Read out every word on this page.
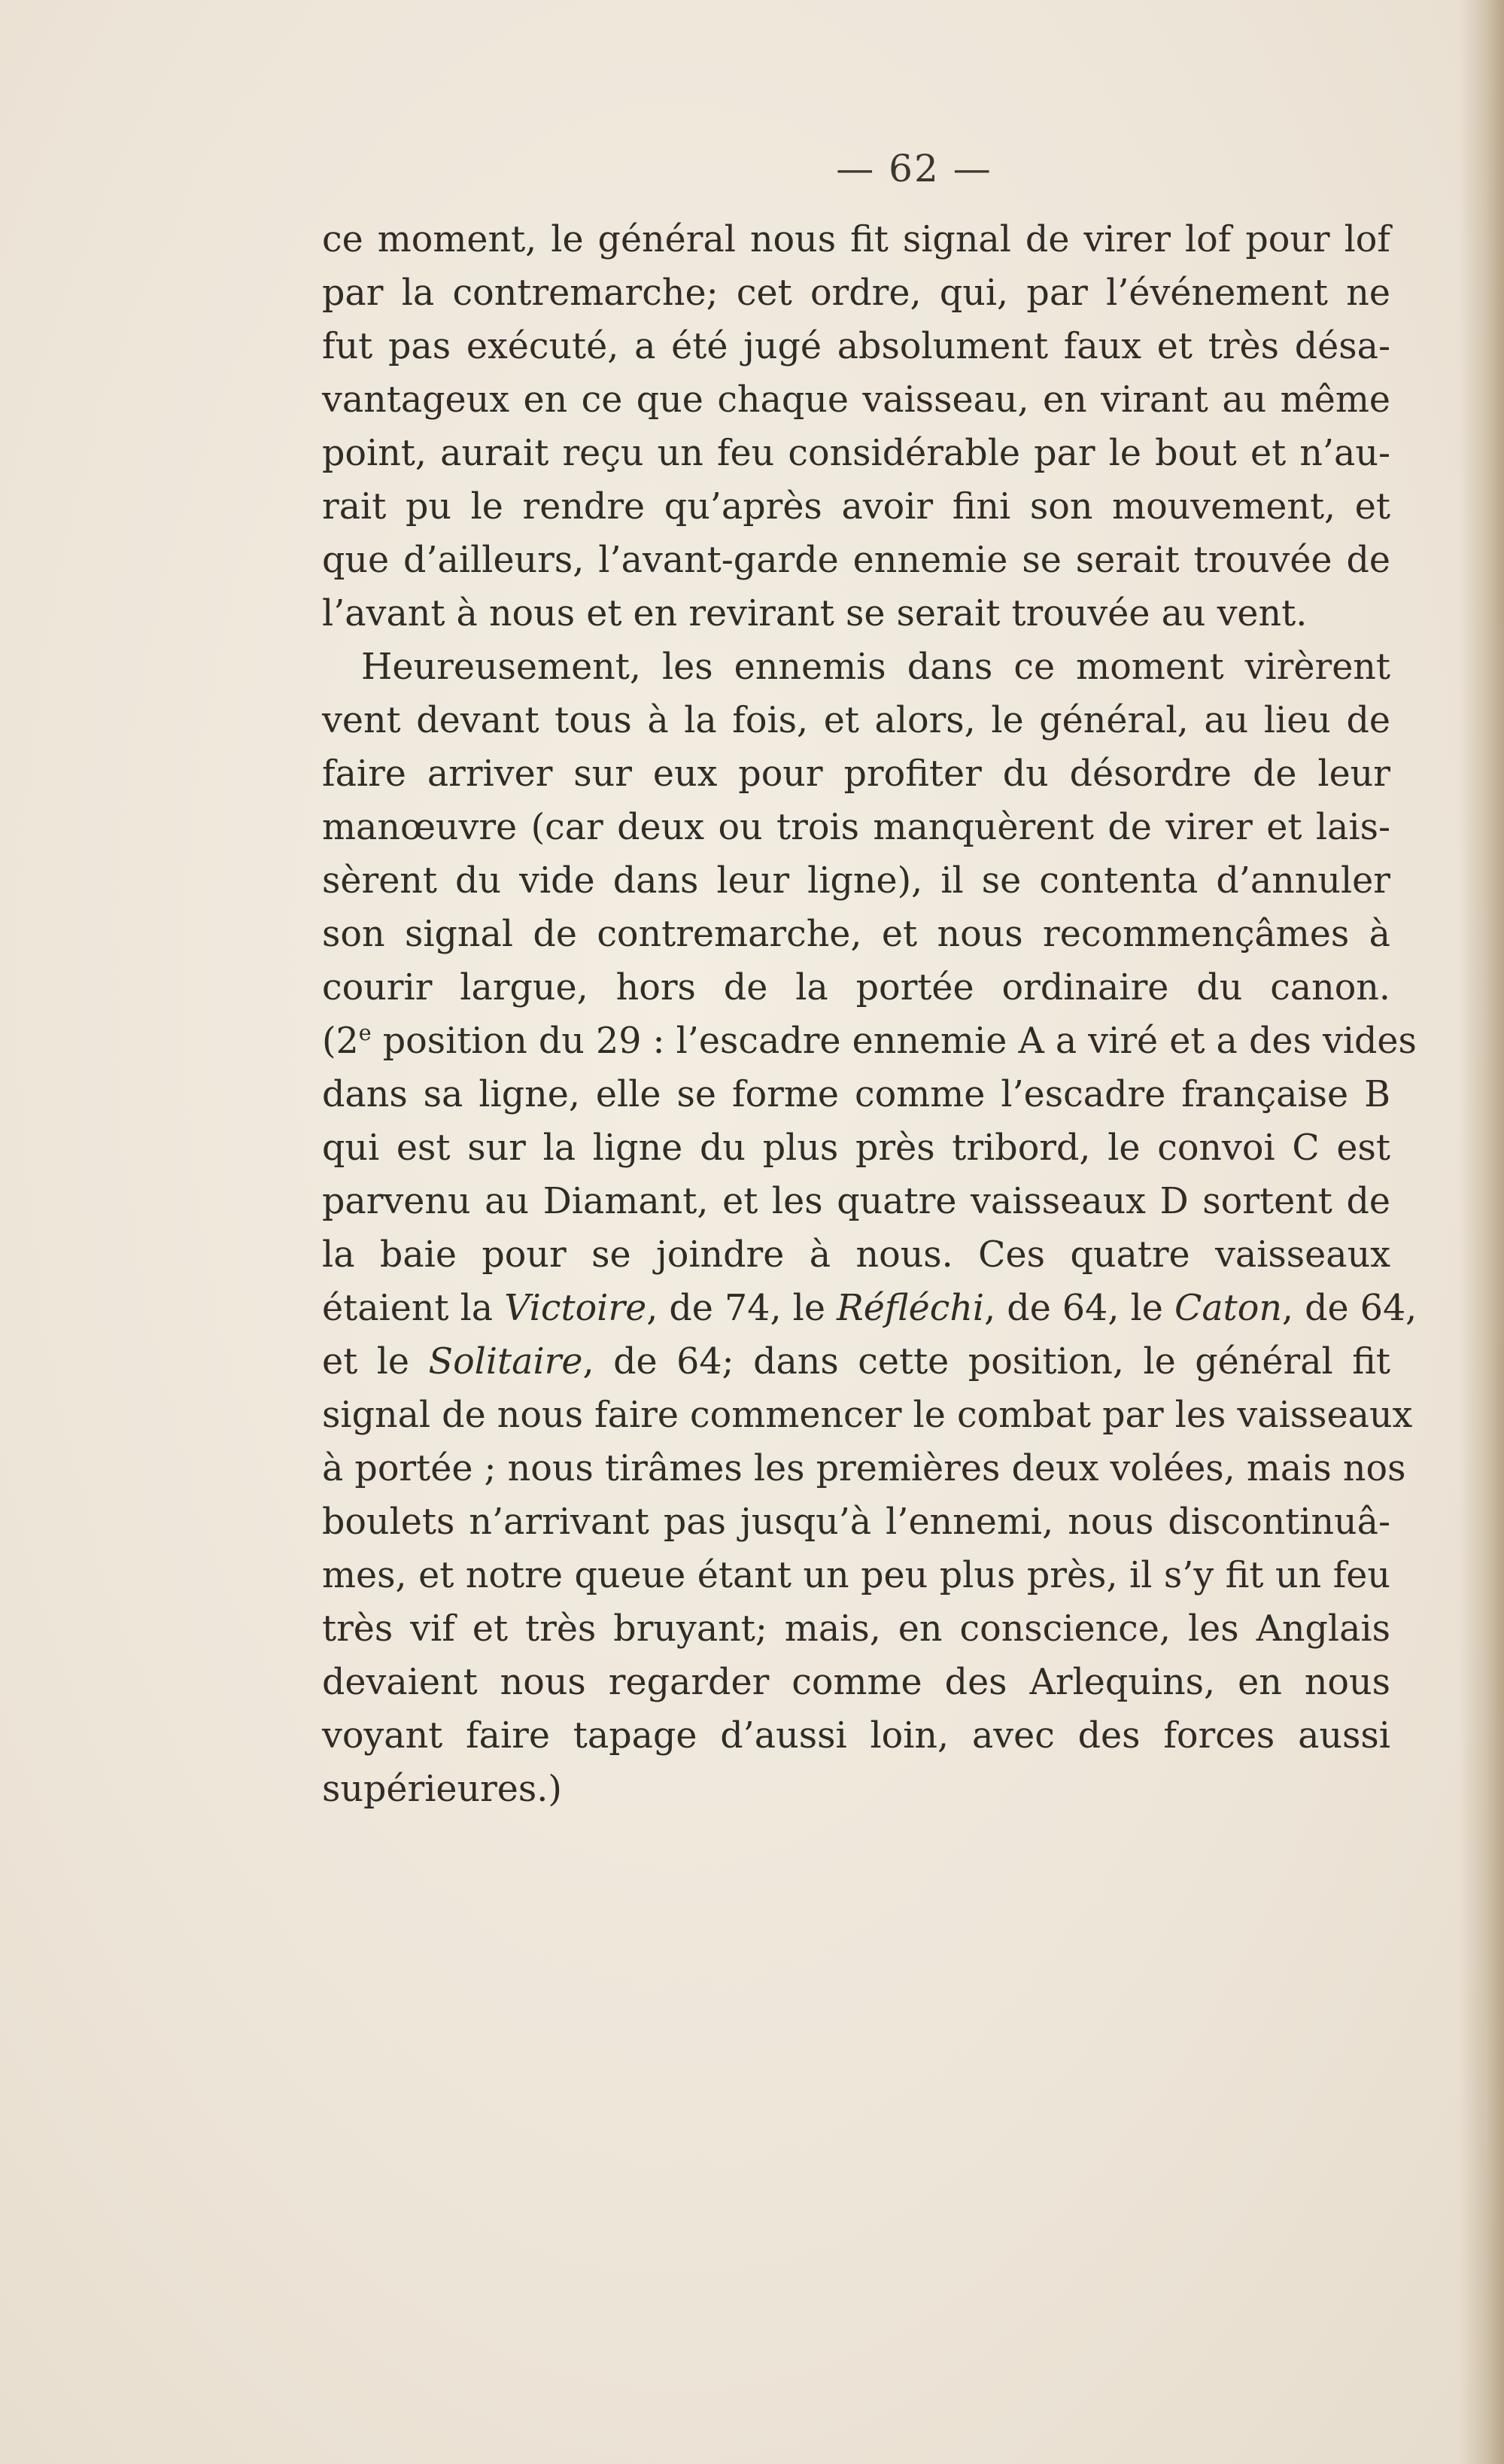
— 62 —
ce moment, le général nous fit signal de virer lof pour lof
par la contremarche; cet ordre, qui, par l’événement ne
fut pas exécuté, a été jugé absolument faux et très désa-
vantageux en ce que chaque vaisseau, en virant au même
point, aurait reçu un feu considérable par le bout et n’au-
rait pu le rendre qu’après avoir fini son mouvement, et
que d’ailleurs, l’avant-garde ennemie se serait trouvée de
l’avant à nous et en revirant se serait trouvée au vent.
Heureusement, les ennemis dans ce moment virèrent
vent devant tous à la fois, et alors, le général, au lieu de
faire arriver sur eux pour profiter du désordre de leur
manœuvre (car deux ou trois manquèrent de virer et lais-
sèrent du vide dans leur ligne), il se contenta d’annuler
son signal de contremarche, et nous recommençâmes à
courir largue, hors de la portée ordinaire du canon.
(2e position du 29 : l’escadre ennemie A a viré et a des vides
dans sa ligne, elle se forme comme l’escadre française B
qui est sur la ligne du plus près tribord, le convoi C est
parvenu au Diamant, et les quatre vaisseaux D sortent de
la baie pour se joindre à nous. Ces quatre vaisseaux
étaient la Victoire, de 74, le Réfléchi, de 64, le Caton, de 64,
et le Solitaire, de 64; dans cette position, le général fit
signal de nous faire commencer le combat par les vaisseaux
à portée ; nous tirâmes les premières deux volées, mais nos
boulets n’arrivant pas jusqu’à l’ennemi, nous discontinuâ-
mes, et notre queue étant un peu plus près, il s’y fit un feu
très vif et très bruyant; mais, en conscience, les Anglais
devaient nous regarder comme des Arlequins, en nous
voyant faire tapage d’aussi loin, avec des forces aussi
supérieures.)
